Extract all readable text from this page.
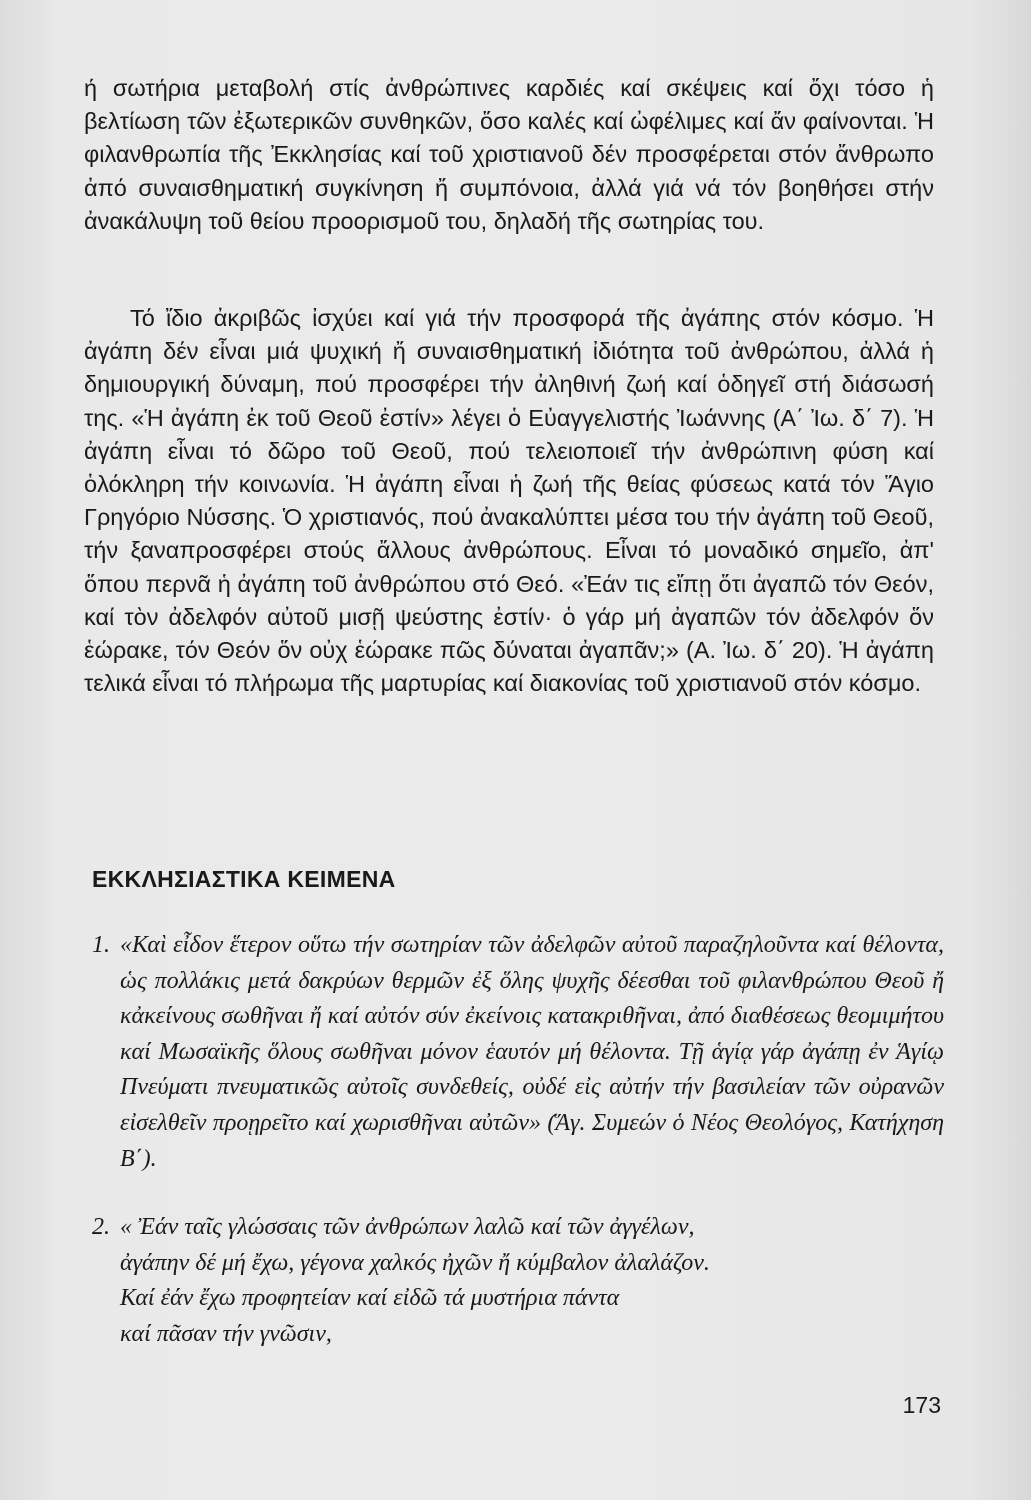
ή σωτήρια μεταβολή στίς ἀνθρώπινες καρδιές καί σκέψεις καί ὄχι τόσο ἡ βελτίωση τῶν ἐξωτερικῶν συνθηκῶν, ὅσο καλές καί ὠφέλιμες καί ἄν φαίνονται. Ἡ φιλανθρωπία τῆς Ἐκκλησίας καί τοῦ χριστιανοῦ δέν προσφέρεται στόν ἄνθρωπο ἀπό συναισθηματική συγκίνηση ἤ συμπόνοια, ἀλλά γιά νά τόν βοηθήσει στήν ἀνακάλυψη τοῦ θείου προορισμοῦ του, δηλαδή τῆς σωτηρίας του.

Τό ἴδιο ἀκριβῶς ἰσχύει καί γιά τήν προσφορά τῆς ἀγάπης στόν κόσμο. Ἡ ἀγάπη δέν εἶναι μιά ψυχική ἤ συναισθηματική ἰδιότητα τοῦ ἀνθρώπου, ἀλλά ἡ δημιουργική δύναμη, πού προσφέρει τήν ἀληθινή ζωή καί ὁδηγεῖ στή διάσωσή της. «Ἡ ἀγάπη ἐκ τοῦ Θεοῦ ἐστίν» λέγει ὁ Εὐαγγελιστής Ἰωάννης (Α΄ Ἰω. δ΄ 7). Ἡ ἀγάπη εἶναι τό δῶρο τοῦ Θεοῦ, πού τελειοποιεῖ τήν ἀνθρώπινη φύση καί ὁλόκληρη τήν κοινωνία. Ἡ ἀγάπη εἶναι ἡ ζωή τῆς θείας φύσεως κατά τόν Ἅγιο Γρηγόριο Νύσσης. Ὁ χριστιανός, πού ἀνακαλύπτει μέσα του τήν ἀγάπη τοῦ Θεοῦ, τήν ξαναπροσφέρει στούς ἄλλους ἀνθρώπους. Εἶναι τό μοναδικό σημεῖο, ἀπ' ὅπου περνᾶ ἡ ἀγάπη τοῦ ἀνθρώπου στό Θεό. «Ἐάν τις εἴπῃ ὅτι ἀγαπῶ τόν Θεόν, καί τὸν ἀδελφόν αὐτοῦ μισῇ ψεύστης ἐστίν· ὁ γάρ μή ἀγαπῶν τόν ἀδελφόν ὅν ἑώρακε, τόν Θεόν ὅν οὐχ ἑώρακε πῶς δύναται ἀγαπᾶν;» (Α. Ἰω. δ΄ 20). Ἡ ἀγάπη τελικά εἶναι τό πλήρωμα τῆς μαρτυρίας καί διακονίας τοῦ χριστιανοῦ στόν κόσμο.

ΕΚΚΛΗΣΙΑΣΤΙΚΑ ΚΕΙΜΕΝΑ
1. «Καὶ εἶδον ἕτερον οὕτω τήν σωτηρίαν τῶν ἀδελφῶν αὐτοῦ παραζηλοῦντα καί θέλοντα, ὡς πολλάκις μετά δακρύων θερμῶν ἐξ ὅλης ψυχῆς δέεσθαι τοῦ φιλανθρώπου Θεοῦ ἤ κἀκείνους σωθῆναι ἤ καί αὐτόν σύν ἐκείνοις κατακριθῆναι, ἀπό διαθέσεως θεομιμήτου καί Μωσαϊκῆς ὅλους σωθῆναι μόνον ἑαυτόν μή θέλοντα. Τῇ ἁγίᾳ γάρ ἀγάπῃ ἐν Ἁγίῳ Πνεύματι πνευματικῶς αὐτοῖς συνδεθείς, οὐδέ εἰς αὐτήν τήν βασιλείαν τῶν οὐρανῶν εἰσελθεῖν προῃρεῖτο καί χωρισθῆναι αὐτῶν» (Ἅγ. Συμεών ὁ Νέος Θεολόγος, Κατήχηση Β΄).
2. « Ἐάν ταῖς γλώσσαις τῶν ἀνθρώπων λαλῶ καί τῶν ἀγγέλων,
ἀγάπην δέ μή ἔχω, γέγονα χαλκός ἠχῶν ἤ κύμβαλον ἀλαλάζον.
Καί ἐάν ἔχω προφητείαν καί εἰδῶ τά μυστήρια πάντα
καί πᾶσαν τήν γνῶσιν,

173
